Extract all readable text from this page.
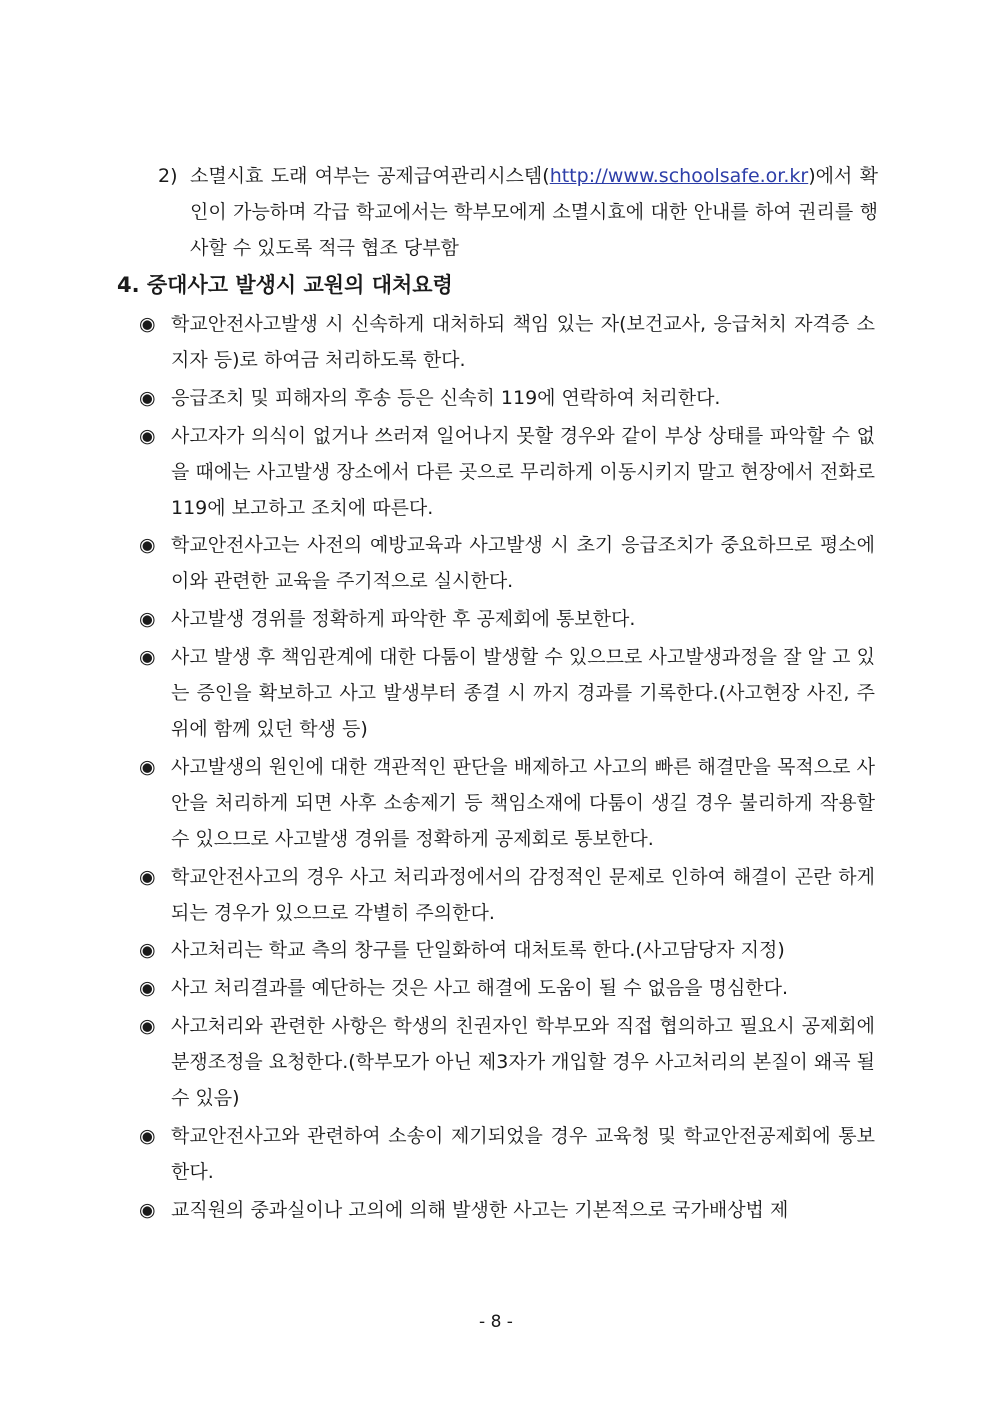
2) 소멸시효 도래 여부는 공제급여관리시스템(http://www.schoolsafe.or.kr)에서 확인이 가능하며 각급 학교에서는 학부모에게 소멸시효에 대한 안내를 하여 권리를 행사할 수 있도록 적극 협조 당부함
4. 중대사고 발생시 교원의 대처요령
◉ 학교안전사고발생 시 신속하게 대처하되 책임 있는 자(보건교사, 응급처치 자격증 소지자 등)로 하여금 처리하도록 한다.
◉ 응급조치 및 피해자의 후송 등은 신속히 119에 연락하여 처리한다.
◉ 사고자가 의식이 없거나 쓰러져 일어나지 못할 경우와 같이 부상 상태를 파악할 수 없을 때에는 사고발생 장소에서 다른 곳으로 무리하게 이동시키지 말고 현장에서 전화로 119에 보고하고 조치에 따른다.
◉ 학교안전사고는 사전의 예방교육과 사고발생 시 초기 응급조치가 중요하므로 평소에 이와 관련한 교육을 주기적으로 실시한다.
◉ 사고발생 경위를 정확하게 파악한 후 공제회에 통보한다.
◉ 사고 발생 후 책임관계에 대한 다툼이 발생할 수 있으므로 사고발생과정을 잘 알 고 있는 증인을 확보하고 사고 발생부터 종결 시 까지 경과를 기록한다.(사고현장 사진, 주위에 함께 있던 학생 등)
◉ 사고발생의 원인에 대한 객관적인 판단을 배제하고 사고의 빠른 해결만을 목적으로 사안을 처리하게 되면 사후 소송제기 등 책임소재에 다툼이 생길 경우 불리하게 작용할 수 있으므로 사고발생 경위를 정확하게 공제회로 통보한다.
◉ 학교안전사고의 경우 사고 처리과정에서의 감정적인 문제로 인하여 해결이 곤란 하게 되는 경우가 있으므로 각별히 주의한다.
◉ 사고처리는 학교 측의 창구를 단일화하여 대처토록 한다.(사고담당자 지정)
◉ 사고 처리결과를 예단하는 것은 사고 해결에 도움이 될 수 없음을 명심한다.
◉ 사고처리와 관련한 사항은 학생의 친권자인 학부모와 직접 협의하고 필요시 공제회에 분쟁조정을 요청한다.(학부모가 아닌 제3자가 개입할 경우 사고처리의 본질이 왜곡 될 수 있음)
◉ 학교안전사고와 관련하여 소송이 제기되었을 경우 교육청 및 학교안전공제회에 통보 한다.
◉ 교직원의 중과실이나 고의에 의해 발생한 사고는 기본적으로 국가배상법 제
- 8 -
